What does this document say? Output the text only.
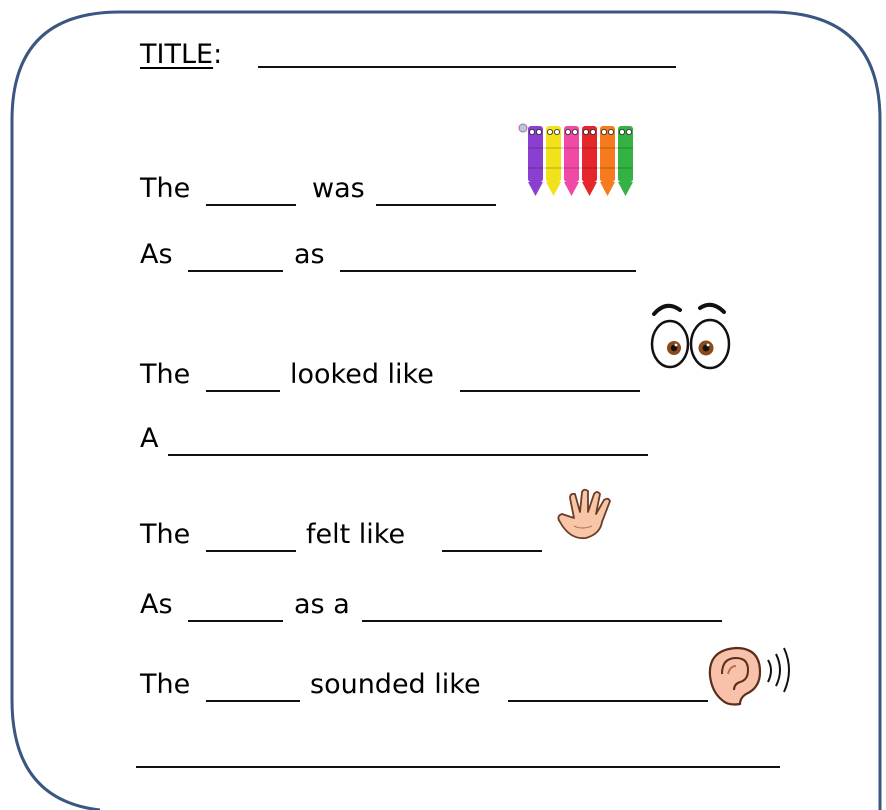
TITLE:
The	was
As	as
The	looked like
A
The	felt like
As	as a
The	sounded like
